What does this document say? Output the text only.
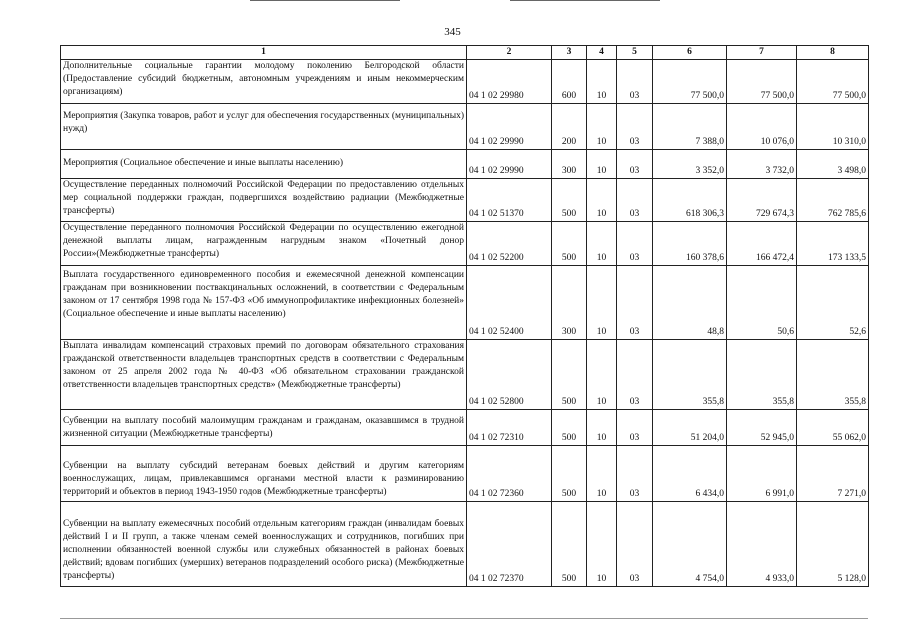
345
1	2	3	4	5	6	7	8
Дополнительные социальные гарантии молодому поколению Белгородской области (Предоставление субсидий бюджетным, автономным учреждениям и иным некоммерческим организациям)	04 1 02 29980	600	10	03	77 500,0	77 500,0	77 500,0
Мероприятия (Закупка товаров, работ и услуг для обеспечения государственных (муниципальных) нужд)	04 1 02 29990	200	10	03	7 388,0	10 076,0	10 310,0
Мероприятия (Социальное обеспечение и иные выплаты населению)	04 1 02 29990	300	10	03	3 352,0	3 732,0	3 498,0
Осуществление переданных полномочий Российской Федерации по предоставлению отдельных мер социальной поддержки граждан, подвергшихся воздействию радиации (Межбюджетные трансферты)	04 1 02 51370	500	10	03	618 306,3	729 674,3	762 785,6
Осуществление переданного полномочия Российской Федерации по осуществлению ежегодной денежной выплаты лицам, награжденным нагрудным знаком «Почетный донор России»(Межбюджетные трансферты)	04 1 02 52200	500	10	03	160 378,6	166 472,4	173 133,5
Выплата государственного единовременного пособия и ежемесячной денежной компенсации гражданам при возникновении поствакцинальных осложнений, в соответствии с Федеральным законом от 17 сентября 1998 года № 157-ФЗ «Об иммунопрофилактике инфекционных болезней» (Социальное обеспечение и иные выплаты населению)	04 1 02 52400	300	10	03	48,8	50,6	52,6
Выплата инвалидам компенсаций страховых премий по договорам обязательного страхования гражданской ответственности владельцев транспортных средств в соответствии с Федеральным законом от 25 апреля 2002 года № 40-ФЗ «Об обязательном страховании гражданской ответственности владельцев транспортных средств» (Межбюджетные трансферты)	04 1 02 52800	500	10	03	355,8	355,8	355,8
Субвенции на выплату пособий малоимущим гражданам и гражданам, оказавшимся в трудной жизненной ситуации (Межбюджетные трансферты)	04 1 02 72310	500	10	03	51 204,0	52 945,0	55 062,0
Субвенции на выплату субсидий ветеранам боевых действий и другим категориям военнослужащих, лицам, привлекавшимся органами местной власти к разминированию территорий и объектов в период 1943-1950 годов (Межбюджетные трансферты)	04 1 02 72360	500	10	03	6 434,0	6 991,0	7 271,0
Субвенции на выплату ежемесячных пособий отдельным категориям граждан (инвалидам боевых действий I и II групп, а также членам семей военнослужащих и сотрудников, погибших при исполнении обязанностей военной службы или служебных обязанностей в районах боевых действий; вдовам погибших (умерших) ветеранов подразделений особого риска) (Межбюджетные трансферты)	04 1 02 72370	500	10	03	4 754,0	4 933,0	5 128,0
